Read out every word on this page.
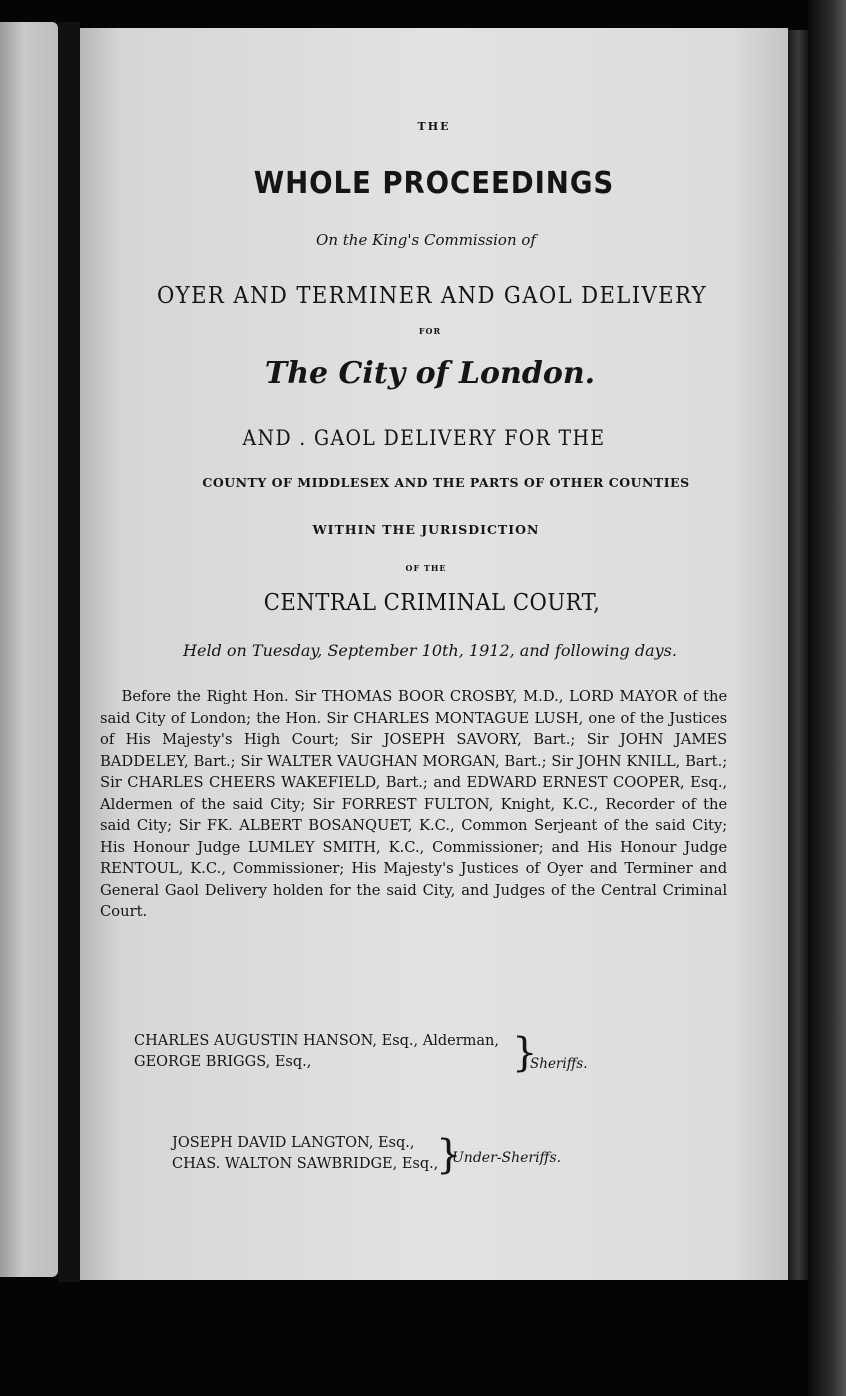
THE
WHOLE PROCEEDINGS
On the King's Commission of
OYER AND TERMINER AND GAOL DELIVERY
FOR
The City of London.
AND . GAOL DELIVERY FOR THE
COUNTY OF MIDDLESEX AND THE PARTS OF OTHER COUNTIES
WITHIN THE JURISDICTION
OF THE
CENTRAL CRIMINAL COURT,
Held on Tuesday, September 10th, 1912, and following days.
Before the Right Hon. Sir THOMAS BOOR CROSBY, M.D., LORD MAYOR of the said City of London; the Hon. Sir CHARLES MONTAGUE LUSH, one of the Justices of His Majesty's High Court; Sir JOSEPH SAVORY, Bart.; Sir JOHN JAMES BADDELEY, Bart.; Sir WALTER VAUGHAN MORGAN, Bart.; Sir JOHN KNILL, Bart.; Sir CHARLES CHEERS WAKEFIELD, Bart.; and EDWARD ERNEST COOPER, Esq., Aldermen of the said City; Sir FORREST FULTON, Knight, K.C., Recorder of the said City; Sir FK. ALBERT BOSANQUET, K.C., Common Serjeant of the said City; His Honour Judge LUMLEY SMITH, K.C., Commissioner; and His Honour Judge RENTOUL, K.C., Commissioner; His Majesty's Justices of Oyer and Terminer and General Gaol Delivery holden for the said City, and Judges of the Central Criminal Court.
CHARLES AUGUSTIN HANSON, Esq., Alderman,
GEORGE BRIGGS, Esq.,	}
Sheriffs.
JOSEPH DAVID LANGTON, Esq.,
CHAS. WALTON SAWBRIDGE, Esq.,
}
Under-Sheriffs.
